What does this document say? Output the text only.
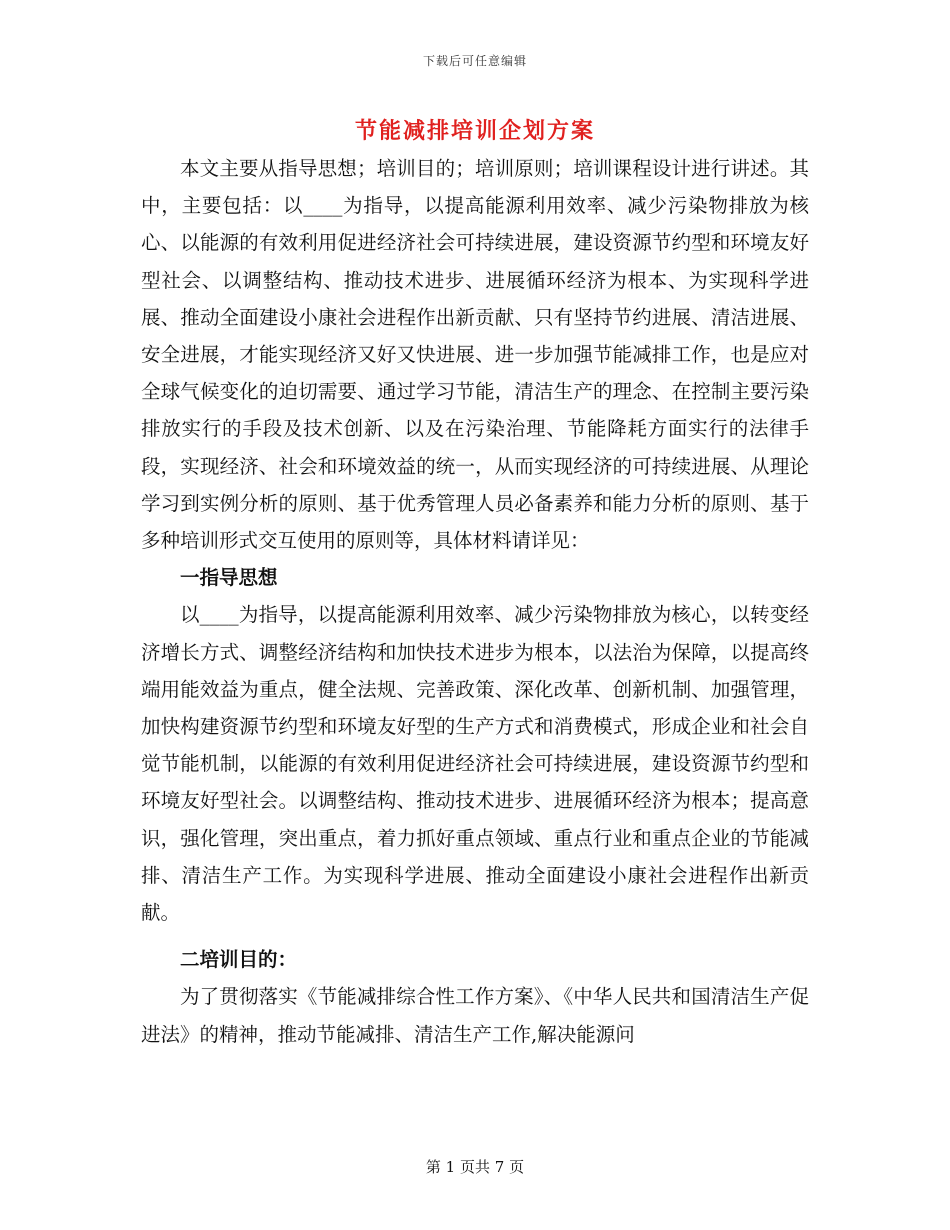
下载后可任意编辑
节能减排培训企划方案

本文主要从指导思想；培训目的；培训原则；培训课程设计进行讲述。其中，主要包括：以____为指导，以提高能源利用效率、减少污染物排放为核心、以能源的有效利用促进经济社会可持续进展，建设资源节约型和环境友好型社会、以调整结构、推动技术进步、进展循环经济为根本、为实现科学进展、推动全面建设小康社会进程作出新贡献、只有坚持节约进展、清洁进展、安全进展，才能实现经济又好又快进展、进一步加强节能减排工作，也是应对全球气候变化的迫切需要、通过学习节能，清洁生产的理念、在控制主要污染排放实行的手段及技术创新、以及在污染治理、节能降耗方面实行的法律手段，实现经济、社会和环境效益的统一，从而实现经济的可持续进展、从理论学习到实例分析的原则、基于优秀管理人员必备素养和能力分析的原则、基于多种培训形式交互使用的原则等，具体材料请详见：

一指导思想

以____为指导，以提高能源利用效率、减少污染物排放为核心，以转变经济增长方式、调整经济结构和加快技术进步为根本，以法治为保障，以提高终端用能效益为重点，健全法规、完善政策、深化改革、创新机制、加强管理，加快构建资源节约型和环境友好型的生产方式和消费模式，形成企业和社会自觉节能机制，以能源的有效利用促进经济社会可持续进展，建设资源节约型和环境友好型社会。以调整结构、推动技术进步、进展循环经济为根本；提高意识，强化管理，突出重点，着力抓好重点领域、重点行业和重点企业的节能减排、清洁生产工作。为实现科学进展、推动全面建设小康社会进程作出新贡献。

二培训目的：

为了贯彻落实《节能减排综合性工作方案》、《中华人民共和国清洁生产促进法》的精神，推动节能减排、清洁生产工作,解决能源问

第 1 页共 7 页
